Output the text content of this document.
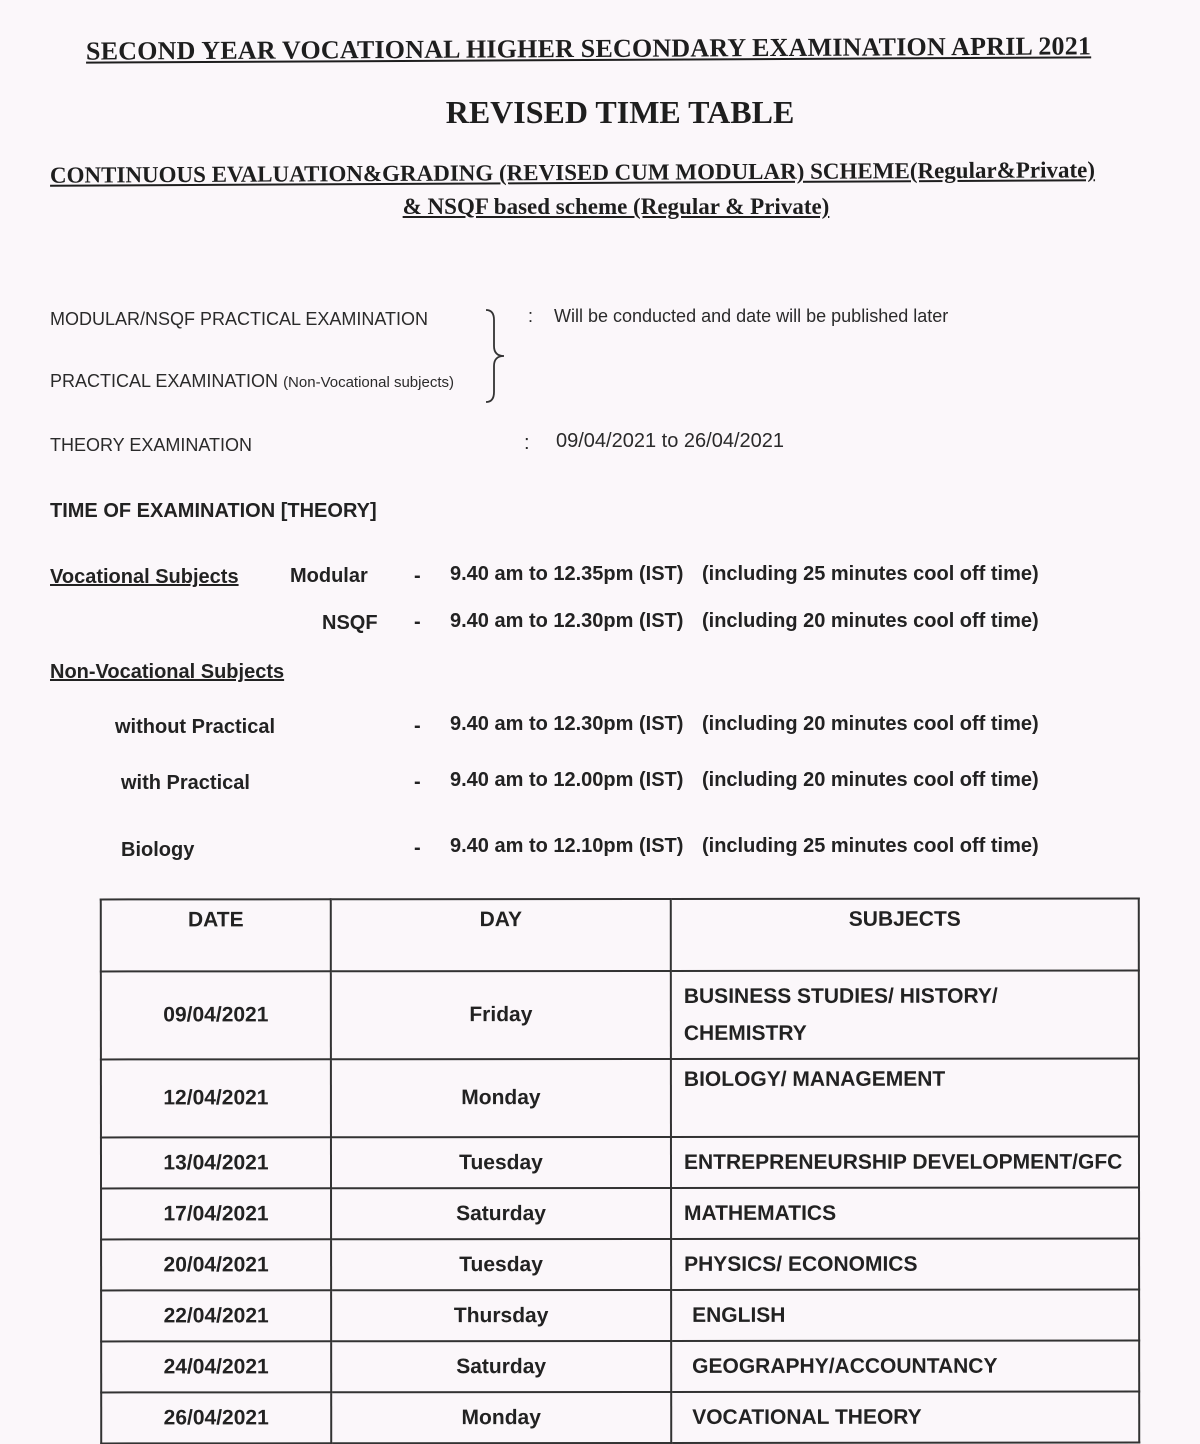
SECOND YEAR VOCATIONAL HIGHER SECONDARY EXAMINATION APRIL 2021
REVISED TIME TABLE
CONTINUOUS EVALUATION&GRADING (REVISED CUM MODULAR) SCHEME(Regular&Private)
& NSQF based scheme (Regular & Private)
MODULAR/NSQF PRACTICAL EXAMINATION
PRACTICAL EXAMINATION (Non-Vocational subjects)
: Will be conducted and date will be published later
THEORY EXAMINATION	: 09/04/2021 to 26/04/2021
TIME OF EXAMINATION [THEORY]
Vocational Subjects	Modular - 9.40 am to 12.35pm (IST) (including 25 minutes cool off time)
NSQF - 9.40 am to 12.30pm (IST) (including 20 minutes cool off time)
Non-Vocational Subjects
without Practical	- 9.40 am to 12.30pm (IST) (including 20 minutes cool off time)
with Practical	- 9.40 am to 12.00pm (IST) (including 20 minutes cool off time)
Biology	- 9.40 am to 12.10pm (IST) (including 25 minutes cool off time)
DATE	DAY	SUBJECTS
09/04/2021	Friday	BUSINESS STUDIES/ HISTORY/
CHEMISTRY

12/04/2021	Monday	BIOLOGY/ MANAGEMENT
13/04/2021	Tuesday	ENTREPRENEURSHIP DEVELOPMENT/GFC
17/04/2021	Saturday	MATHEMATICS
20/04/2021	Tuesday	PHYSICS/ ECONOMICS
22/04/2021	Thursday	ENGLISH
24/04/2021	Saturday	GEOGRAPHY/ACCOUNTANCY
26/04/2021	Monday	VOCATIONAL THEORY
